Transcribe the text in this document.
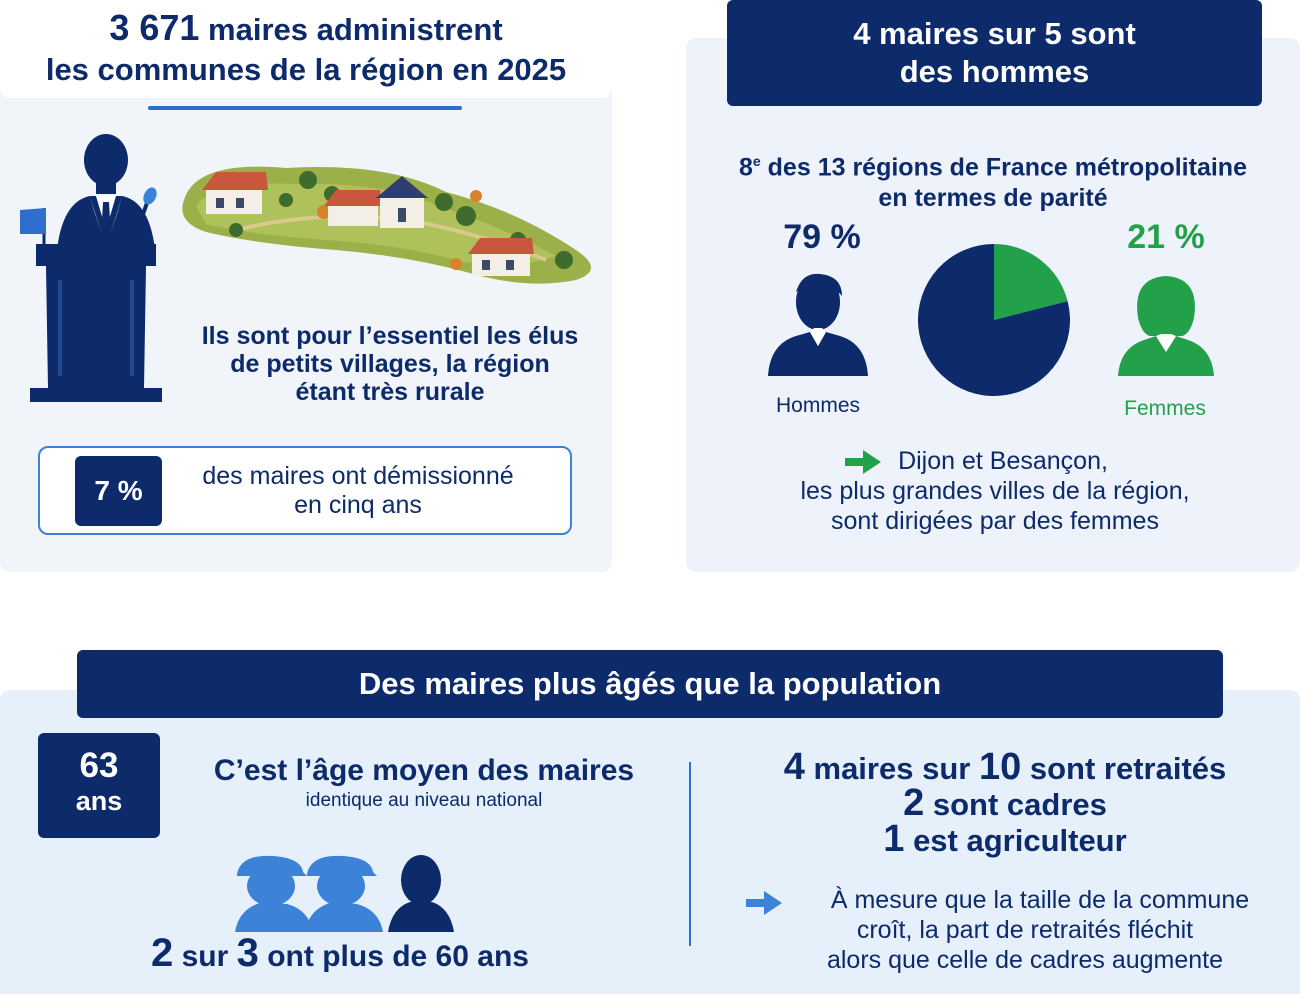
3 671 maires administrent
les communes de la région en 2025
Ils sont pour l’essentiel les élus
de petits villages, la région
étant très rurale
7 %	des maires ont démissionné
en cinq ans
4 maires sur 5 sont
des hommes
8e des 13 régions de France métropolitaine
en termes de parité
79 %	21 %
Hommes	Femmes
Dijon et Besançon,
les plus grandes villes de la région,
sont dirigées par des femmes
Des maires plus âgés que la population
63
ans
C’est l’âge moyen des maires
identique au niveau national
2 sur 3 ont plus de 60 ans
4 maires sur 10 sont retraités
2 sont cadres
1 est agriculteur
À mesure que la taille de la commune
croît, la part de retraités fléchit
alors que celle de cadres augmente
